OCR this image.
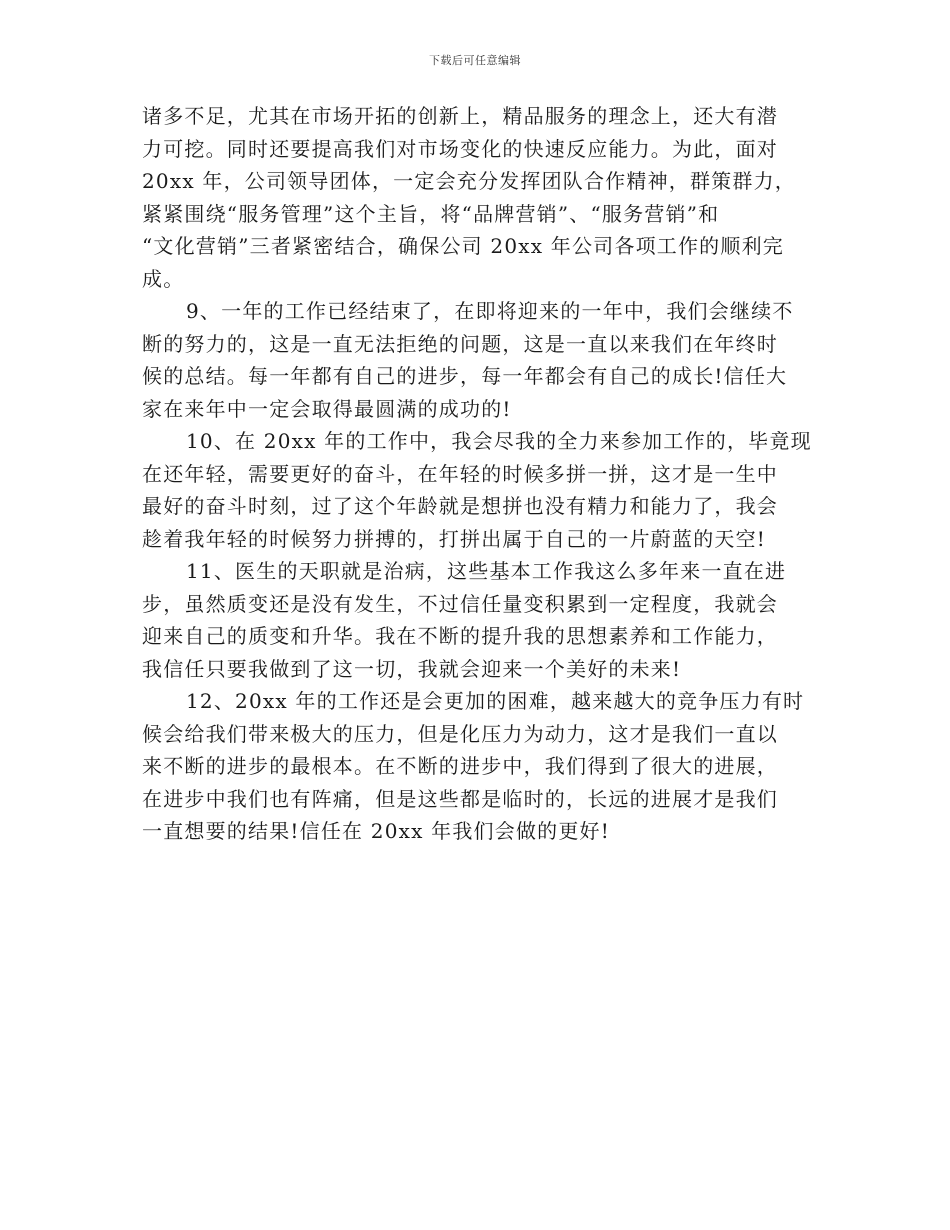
下载后可任意编辑

诸多不足，尤其在市场开拓的创新上，精品服务的理念上，还大有潜
力可挖。同时还要提高我们对市场变化的快速反应能力。为此，面对
20xx 年，公司领导团体，一定会充分发挥团队合作精神，群策群力，
紧紧围绕“服务管理”这个主旨，将“品牌营销”、“服务营销”和
“文化营销”三者紧密结合，确保公司 20xx 年公司各项工作的顺利完
成。

9、一年的工作已经结束了，在即将迎来的一年中，我们会继续不
断的努力的，这是一直无法拒绝的问题，这是一直以来我们在年终时
候的总结。每一年都有自己的进步，每一年都会有自己的成长!信任大
家在来年中一定会取得最圆满的成功的!

10、在 20xx 年的工作中，我会尽我的全力来参加工作的，毕竟现
在还年轻，需要更好的奋斗，在年轻的时候多拼一拼，这才是一生中
最好的奋斗时刻，过了这个年龄就是想拼也没有精力和能力了，我会
趁着我年轻的时候努力拼搏的，打拼出属于自己的一片蔚蓝的天空!

11、医生的天职就是治病，这些基本工作我这么多年来一直在进
步，虽然质变还是没有发生，不过信任量变积累到一定程度，我就会
迎来自己的质变和升华。我在不断的提升我的思想素养和工作能力，
我信任只要我做到了这一切，我就会迎来一个美好的未来!

12、20xx 年的工作还是会更加的困难，越来越大的竞争压力有时
候会给我们带来极大的压力，但是化压力为动力，这才是我们一直以
来不断的进步的最根本。在不断的进步中，我们得到了很大的进展，
在进步中我们也有阵痛，但是这些都是临时的，长远的进展才是我们
一直想要的结果!信任在 20xx 年我们会做的更好!
